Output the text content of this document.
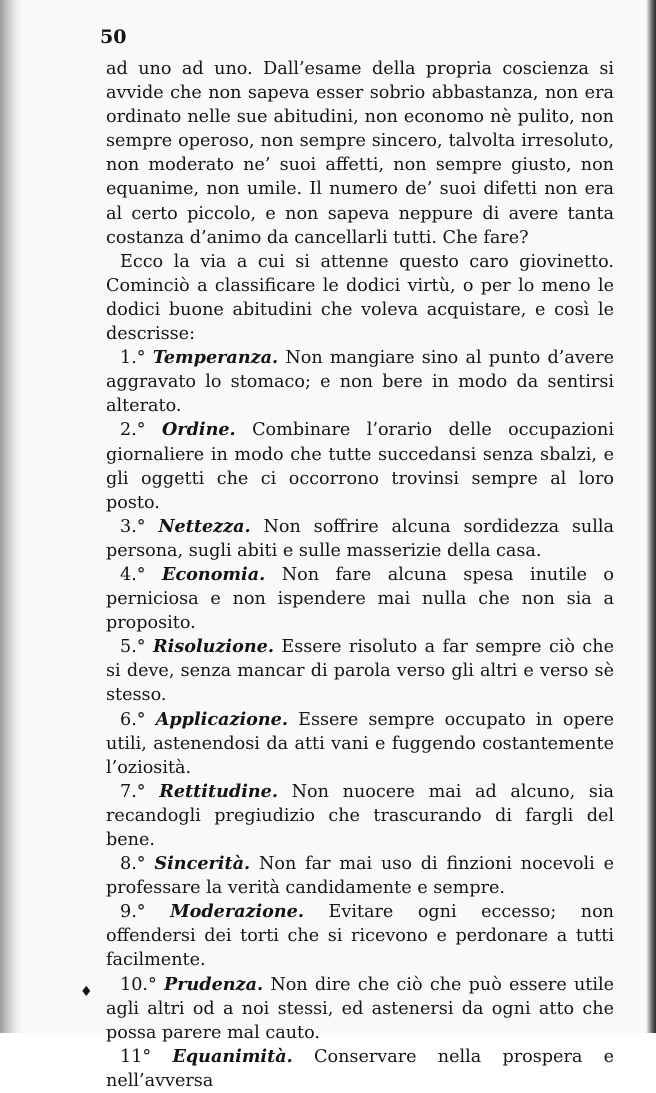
50

ad uno ad uno. Dall’esame della propria coscienza si avvide che non sapeva esser sobrio abbastanza, non era ordinato nelle sue abitudini, non economo nè pulito, non sempre operoso, non sempre sincero, talvolta irresoluto, non moderato ne’ suoi affetti, non sempre giusto, non equanime, non umile. Il numero de’ suoi difetti non era al certo piccolo, e non sapeva neppure di avere tanta costanza d’animo da cancellarli tutti. Che fare?

Ecco la via a cui si attenne questo caro giovinetto. Cominciò a classificare le dodici virtù, o per lo meno le dodici buone abitudini che voleva acquistare, e così le descrisse:

1.° Temperanza. Non mangiare sino al punto d’avere aggravato lo stomaco; e non bere in modo da sentirsi alterato.

2.° Ordine. Combinare l’orario delle occupazioni giornaliere in modo che tutte succedansi senza sbalzi, e gli oggetti che ci occorrono trovinsi sempre al loro posto.

3.° Nettezza. Non soffrire alcuna sordidezza sulla persona, sugli abiti e sulle masserizie della casa.

4.° Economia. Non fare alcuna spesa inutile o perniciosa e non ispendere mai nulla che non sia a proposito.

5.° Risoluzione. Essere risoluto a far sempre ciò che si deve, senza mancar di parola verso gli altri e verso sè stesso.

6.° Applicazione. Essere sempre occupato in opere utili, astenendosi da atti vani e fuggendo costantemente l’oziosità.

7.° Rettitudine. Non nuocere mai ad alcuno, sia recandogli pregiudizio che trascurando di fargli del bene.

8.° Sincerità. Non far mai uso di finzioni nocevoli e professare la verità candidamente e sempre.

9.° Moderazione. Evitare ogni eccesso; non offendersi dei torti che si ricevono e perdonare a tutti facilmente.

10.° Prudenza. Non dire che ciò che può essere utile agli altri od a noi stessi, ed astenersi da ogni atto che possa parere mal cauto.

11° Equanimità. Conservare nella prospera e nell’avversa

♦
